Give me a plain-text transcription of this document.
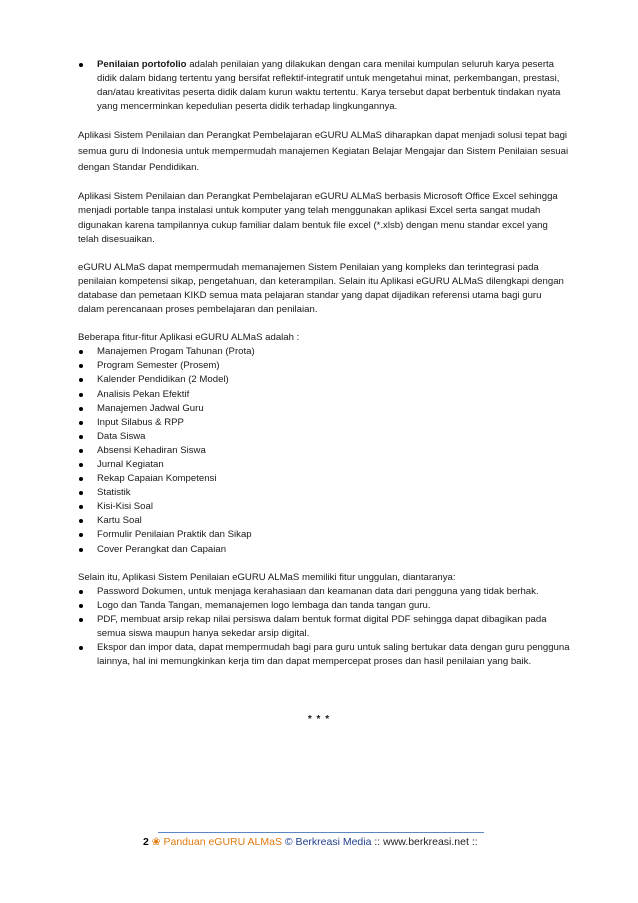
Penilaian portofolio adalah penilaian yang dilakukan dengan cara menilai kumpulan seluruh karya peserta didik dalam bidang tertentu yang bersifat reflektif-integratif untuk mengetahui minat, perkembangan, prestasi, dan/atau kreativitas peserta didik dalam kurun waktu tertentu. Karya tersebut dapat berbentuk tindakan nyata yang mencerminkan kepedulian peserta didik terhadap lingkungannya.

Aplikasi Sistem Penilaian dan Perangkat Pembelajaran eGURU ALMaS diharapkan dapat menjadi solusi tepat bagi semua guru di Indonesia untuk mempermudah manajemen Kegiatan Belajar Mengajar dan Sistem Penilaian sesuai dengan Standar Pendidikan.

Aplikasi Sistem Penilaian dan Perangkat Pembelajaran eGURU ALMaS berbasis Microsoft Office Excel sehingga menjadi portable tanpa instalasi untuk komputer yang telah menggunakan aplikasi Excel serta sangat mudah digunakan karena tampilannya cukup familiar dalam bentuk file excel (*.xlsb) dengan menu standar excel yang telah disesuaikan.

eGURU ALMaS dapat mempermudah memanajemen Sistem Penilaian yang kompleks dan terintegrasi pada penilaian kompetensi sikap, pengetahuan, dan keterampilan. Selain itu Aplikasi eGURU ALMaS dilengkapi dengan database dan pemetaan KIKD semua mata pelajaran standar yang dapat dijadikan referensi utama bagi guru dalam perencanaan proses pembelajaran dan penilaian.

Beberapa fitur-fitur Aplikasi eGURU ALMaS adalah :

Manajemen Progam Tahunan (Prota)
Program Semester (Prosem)
Kalender Pendidikan (2 Model)
Analisis Pekan Efektif
Manajemen Jadwal Guru
Input Silabus & RPP
Data Siswa
Absensi Kehadiran Siswa
Jurnal Kegiatan
Rekap Capaian Kompetensi
Statistik
Kisi-Kisi Soal
Kartu Soal
Formulir Penilaian Praktik dan Sikap
Cover Perangkat dan Capaian

Selain itu, Aplikasi Sistem Penilaian eGURU ALMaS memiliki fitur unggulan, diantaranya:

Password Dokumen, untuk menjaga kerahasiaan dan keamanan data dari pengguna yang tidak berhak.
Logo dan Tanda Tangan, memanajemen logo lembaga dan tanda tangan guru.
PDF, membuat arsip rekap nilai persiswa dalam bentuk format digital PDF sehingga dapat dibagikan pada semua siswa maupun hanya sekedar arsip digital.
Ekspor dan impor data, dapat mempermudah bagi para guru untuk saling bertukar data dengan guru pengguna lainnya, hal ini memungkinkan kerja tim dan dapat mempercepat proses dan hasil penilaian yang baik.
* * *
2 ❀ Panduan eGURU ALMaS © Berkreasi Media :: www.berkreasi.net ::
